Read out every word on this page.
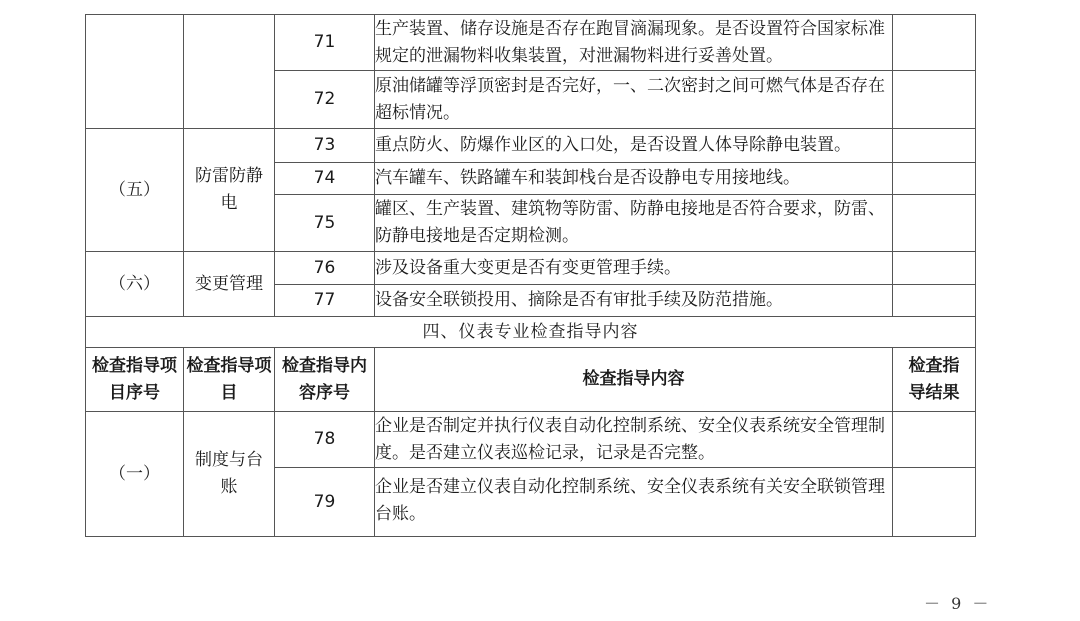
		71	生产装置、储存设施是否存在跑冒滴漏现象。是否设置符合国家标准规定的泄漏物料收集装置，对泄漏物料进行妥善处置。	
		72	原油储罐等浮顶密封是否完好，一、二次密封之间可燃气体是否存在超标情况。	
（五）	防雷防静电	73	重点防火、防爆作业区的入口处，是否设置人体导除静电装置。	
		74	汽车罐车、铁路罐车和装卸栈台是否设静电专用接地线。	
		75	罐区、生产装置、建筑物等防雷、防静电接地是否符合要求，防雷、防静电接地是否定期检测。	
（六）	变更管理	76	涉及设备重大变更是否有变更管理手续。	
		77	设备安全联锁投用、摘除是否有审批手续及防范措施。	
四、仪表专业检查指导内容				
检查指导项目序号	检查指导项目	检查指导内容序号	检查指导内容	检查指导结果
（一）	制度与台账	78	企业是否制定并执行仪表自动化控制系统、安全仪表系统安全管理制度。是否建立仪表巡检记录，记录是否完整。	
		79	企业是否建立仪表自动化控制系统、安全仪表系统有关安全联锁管理台账。	
－ 9 －
